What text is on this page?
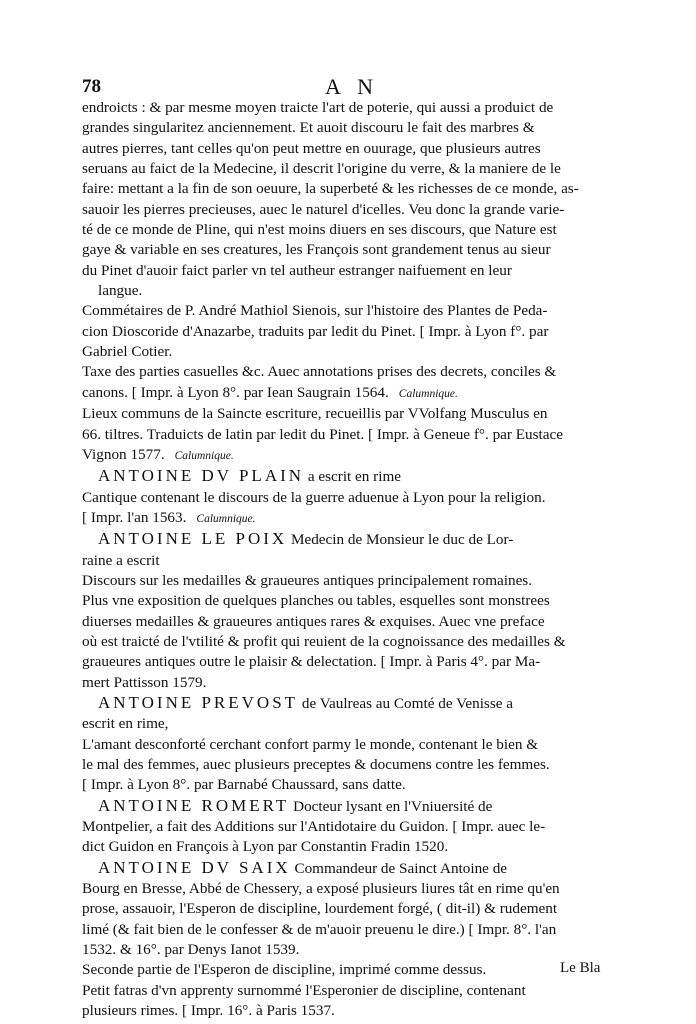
78	A N
endroicts : & par mesme moyen traicte l'art de poterie, qui aussi a produict de
grandes singularitez anciennement. Et auoit discouru le fait des marbres &
autres pierres, tant celles qu'on peut mettre en ouurage, que plusieurs autres
seruans au faict de la Medecine, il descrit l'origine du verre, & la maniere de le
faire: mettant a la fin de son oeuure, la superbeté & les richesses de ce monde, as-
sauoir les pierres precieuses, auec le naturel d'icelles. Veu donc la grande varie-
té de ce monde de Pline, qui n'est moins diuers en ses discours, que Nature est
gaye & variable en ses creatures, les François sont grandement tenus au sieur
du Pinet d'auoir faict parler vn tel autheur estranger naifuement en leur
langue.
Commétaires de P. André Mathiol Sienois, sur l'histoire des Plantes de Peda-
cion Dioscoride d'Anazarbe, traduits par ledit du Pinet. [ Impr. à Lyon f°. par
Gabriel Cotier.
Taxe des parties casuelles &c. Auec annotations prises des decrets, conciles &
canons. [ Impr. à Lyon 8°. par Iean Saugrain 1564. Calumnique.
Lieux communs de la Saincte escriture, recueillis par VVolfang Musculus en
66. tiltres. Traduicts de latin par ledit du Pinet. [ Impr. à Geneue f°. par Eustace
Vignon 1577. Calumnique.
ANTOINE DV PLAIN a escrit en rime
Cantique contenant le discours de la guerre aduenue à Lyon pour la religion.
[ Impr. l'an 1563. Calumnique.
ANTOINE LE POIX Medecin de Monsieur le duc de Lor-
raine a escrit
Discours sur les medailles & graueures antiques principalement romaines.
Plus vne exposition de quelques planches ou tables, esquelles sont monstrees
diuerses medailles & graueures antiques rares & exquises. Auec vne preface
où est traicté de l'vtilité & profit qui reuient de la cognoissance des medailles &
graueures antiques outre le plaisir & delectation. [ Impr. à Paris 4°. par Ma-
mert Pattisson 1579.
ANTOINE PREVOST de Vaulreas au Comté de Venisse a
escrit en rime,
L'amant desconforté cerchant confort parmy le monde, contenant le bien &
le mal des femmes, auec plusieurs preceptes & documens contre les femmes.
[ Impr. à Lyon 8°. par Barnabé Chaussard, sans datte.
ANTOINE ROMERT Docteur lysant en l'Vniuersité de
Montpelier, a fait des Additions sur l'Antidotaire du Guidon. [ Impr. auec le-
dict Guidon en François à Lyon par Constantin Fradin 1520.
ANTOINE DV SAIX Commandeur de Sainct Antoine de
Bourg en Bresse, Abbé de Chessery, a exposé plusieurs liures tât en rime qu'en
prose, assauoir, l'Esperon de discipline, lourdement forgé, ( dit-il) & rudement
limé (& fait bien de le confesser & de m'auoir preuenu le dire.) [ Impr. 8°. l'an
1532. & 16°. par Denys Ianot 1539.
Seconde partie de l'Esperon de discipline, imprimé comme dessus.
Petit fatras d'vn apprenty surnommé l'Esperonier de discipline, contenant
plusieurs rimes. [ Impr. 16°. à Paris 1537.
Le Bla
